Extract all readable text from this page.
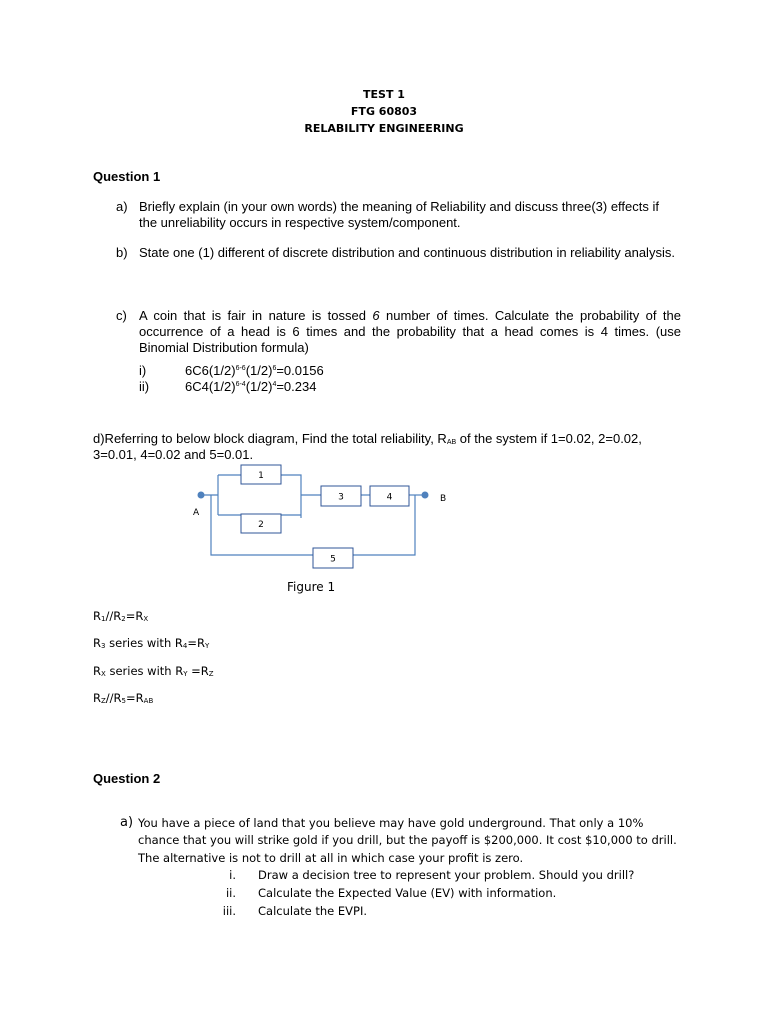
TEST 1
FTG 60803
RELABILITY ENGINEERING
Question 1
a) Briefly explain (in your own words) the meaning of Reliability and discuss three(3) effects if the unreliability occurs in respective system/component.
b) State one (1) different of discrete distribution and continuous distribution in reliability analysis.
c) A coin that is fair in nature is tossed 6 number of times. Calculate the probability of the occurrence of a head is 6 times and the probability that a head comes is 4 times. (use Binomial Distribution formula)
i)	$6C6(1/2)^{6-6}(1/2)^6=0.0156$
ii)	$6C4(1/2)^{6-4}(1/2)^4=0.234$
d)Referring to below block diagram, Find the total reliability, $R_{AB}$ of the system if 1=0.02, 2=0.02, 3=0.01, 4=0.02 and 5=0.01.
1
2
3	4
5
A
B
Figure 1
$R_1//R_2=R_X$
$R_3$ series with $R_4=R_Y$
$R_X$ series with $R_Y =R_Z$
$R_Z//R_5=R_{AB}$
Question 2
a) You have a piece of land that you believe may have gold underground. That only a 10%
chance that you will strike gold if you drill, but the payoff is $200,000. It cost $10,000 to drill.
The alternative is not to drill at all in which case your profit is zero.
i. Draw a decision tree to represent your problem. Should you drill?
ii. Calculate the Expected Value (EV) with information.
iii. Calculate the EVPI.
